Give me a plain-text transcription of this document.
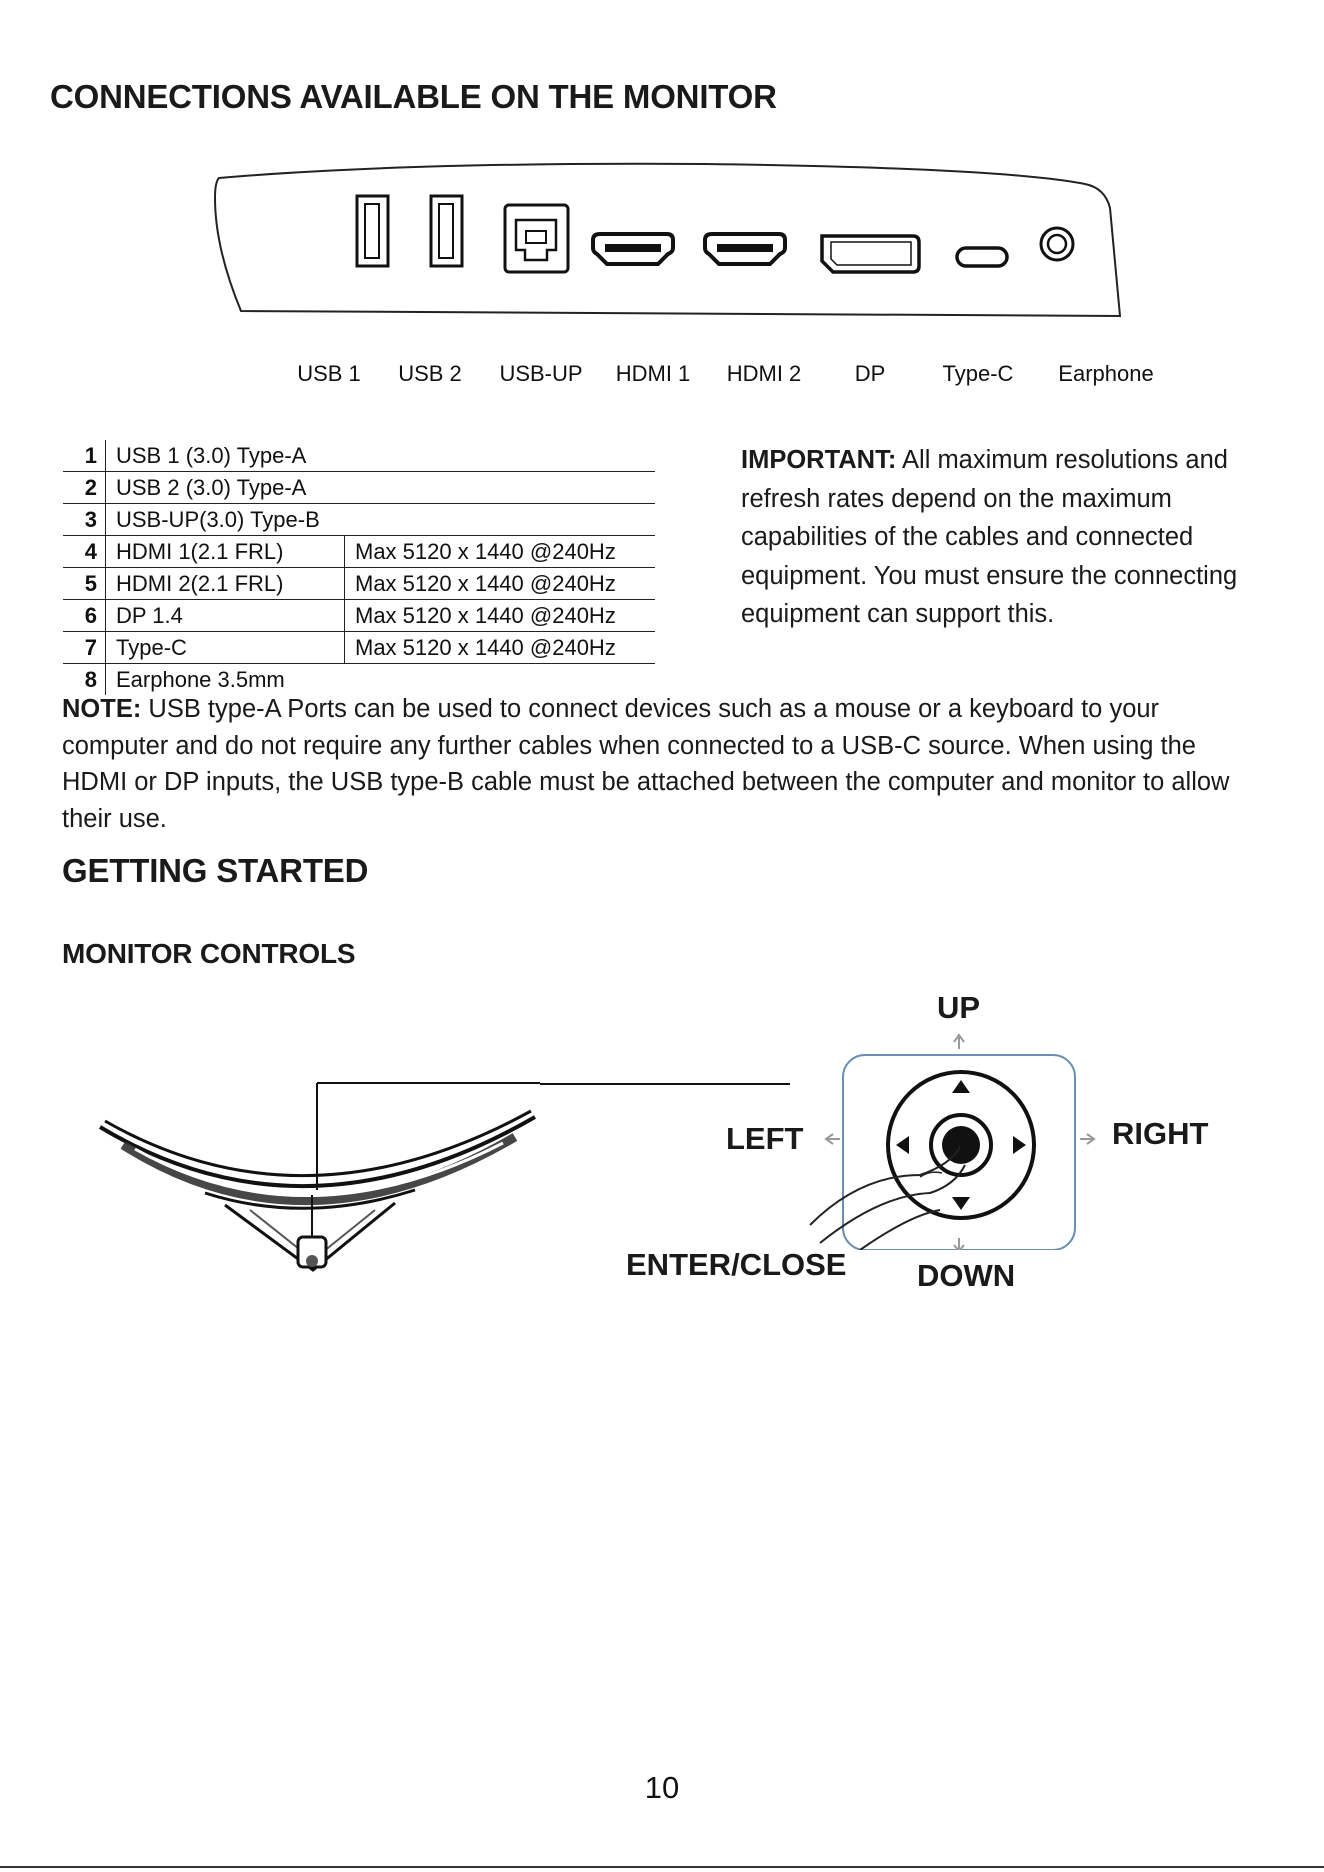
CONNECTIONS AVAILABLE ON THE MONITOR
USB 1 USB 2 USB-UP HDMI 1 HDMI 2 DP	Type-C Earphone
1	USB 1 (3.0) Type-A	
2	USB 2 (3.0) Type-A	
3	USB-UP(3.0) Type-B	
4	HDMI 1(2.1 FRL)	Max 5120 x 1440 @240Hz
5	HDMI 2(2.1 FRL)	Max 5120 x 1440 @240Hz
6	DP 1.4	Max 5120 x 1440 @240Hz
7	Type-C	Max 5120 x 1440 @240Hz
8	Earphone 3.5mm	
IMPORTANT: All maximum resolutions and refresh rates depend on the maximum capabilities of the cables and connected equipment. You must ensure the connecting equipment can support this.
NOTE: USB type-A Ports can be used to connect devices such as a mouse or a keyboard to your computer and do not require any further cables when connected to a USB-C source. When using the HDMI or DP inputs, the USB type-B cable must be attached between the computer and monitor to allow their use.
GETTING STARTED
MONITOR CONTROLS
UP
LEFT	RIGHT
ENTER/CLOSE DOWN
10
